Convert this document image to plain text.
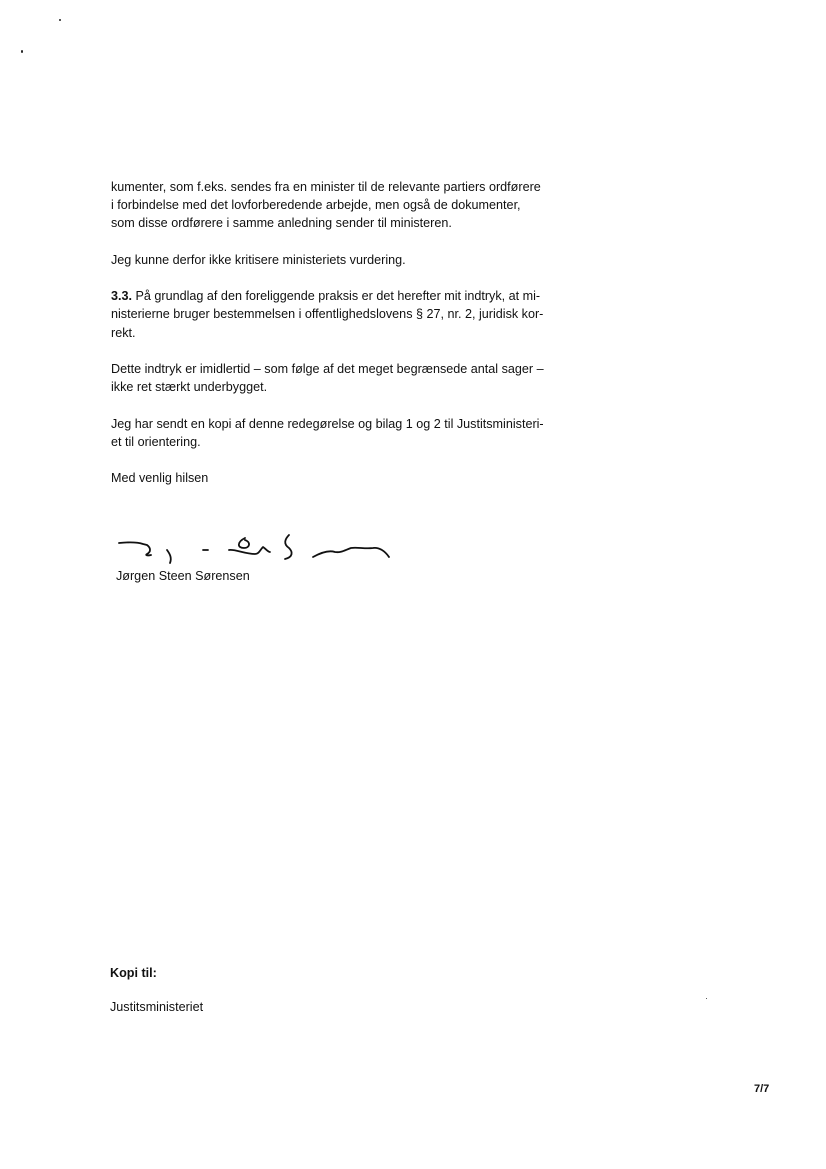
kumenter, som f.eks. sendes fra en minister til de relevante partiers ordførere
i forbindelse med det lovforberedende arbejde, men også de dokumenter,
som disse ordførere i samme anledning sender til ministeren.

Jeg kunne derfor ikke kritisere ministeriets vurdering.

3.3. På grundlag af den foreliggende praksis er det herefter mit indtryk, at mi-
nisterierne bruger bestemmelsen i offentlighedslovens § 27, nr. 2, juridisk kor-
rekt.

Dette indtryk er imidlertid – som følge af det meget begrænsede antal sager –
ikke ret stærkt underbygget.

Jeg har sendt en kopi af denne redegørelse og bilag 1 og 2 til Justitsministeri-
et til orientering.

Med venlig hilsen

Jørgen Steen Sørensen
Kopi til:
Justitsministeriet
7/7
